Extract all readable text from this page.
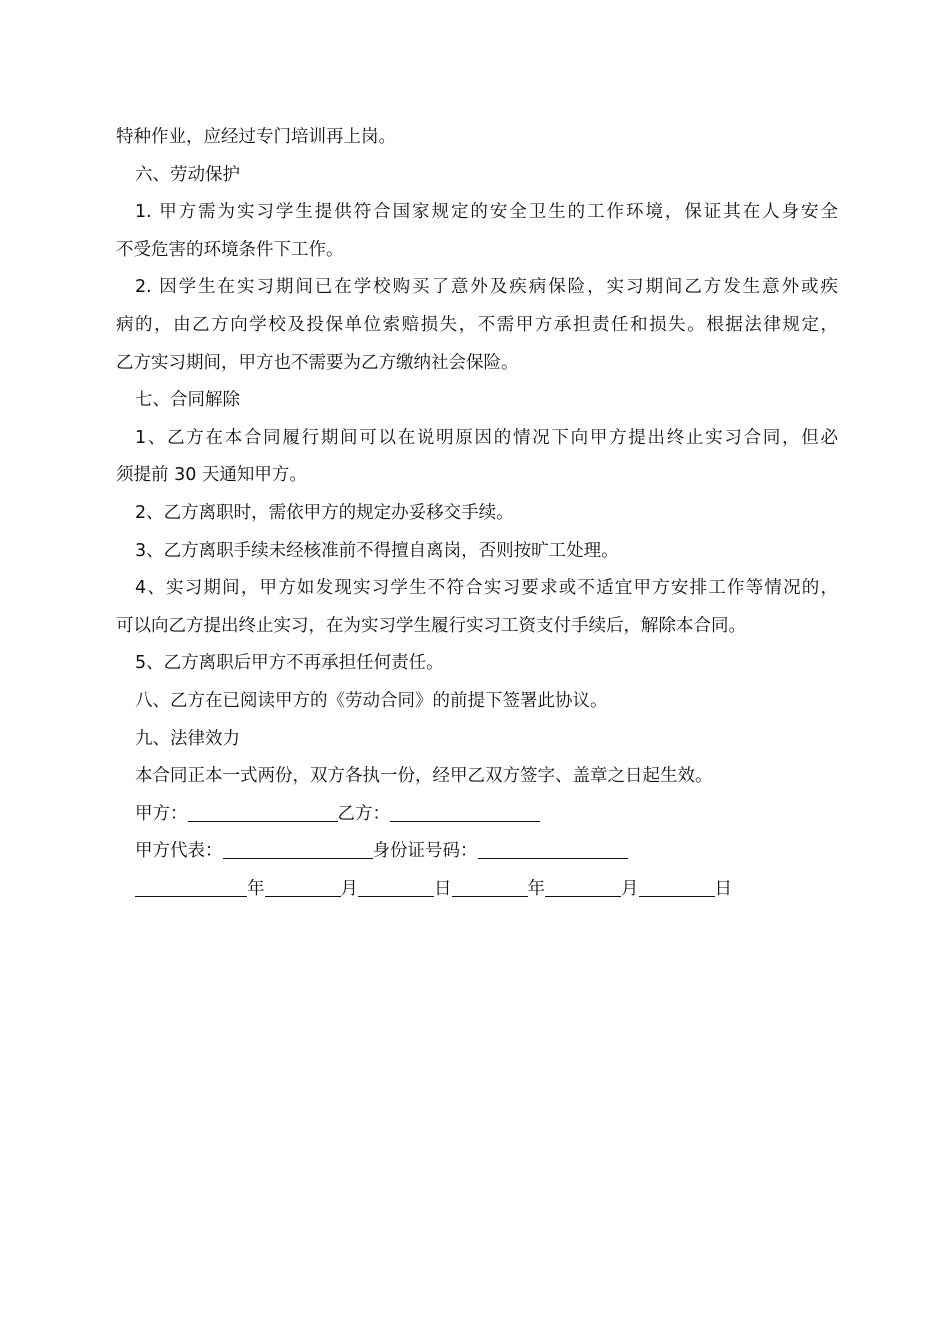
特种作业，应经过专门培训再上岗。
六、劳动保护
1. 甲方需为实习学生提供符合国家规定的安全卫生的工作环境，保证其在人身安全
不受危害的环境条件下工作。
2. 因学生在实习期间已在学校购买了意外及疾病保险，实习期间乙方发生意外或疾
病的，由乙方向学校及投保单位索赔损失，不需甲方承担责任和损失。根据法律规定，
乙方实习期间，甲方也不需要为乙方缴纳社会保险。
七、合同解除
1、乙方在本合同履行期间可以在说明原因的情况下向甲方提出终止实习合同，但必
须提前 30 天通知甲方。
2、乙方离职时，需依甲方的规定办妥移交手续。
3、乙方离职手续未经核准前不得擅自离岗，否则按旷工处理。
4、实习期间，甲方如发现实习学生不符合实习要求或不适宜甲方安排工作等情况的，
可以向乙方提出终止实习，在为实习学生履行实习工资支付手续后，解除本合同。
5、乙方离职后甲方不再承担任何责任。
八、乙方在已阅读甲方的《劳动合同》的前提下签署此协议。
九、法律效力
本合同正本一式两份，双方各执一份，经甲乙双方签字、盖章之日起生效。
甲方：	乙方：
甲方代表：	身份证号码：
年	月	日	年	月	日
